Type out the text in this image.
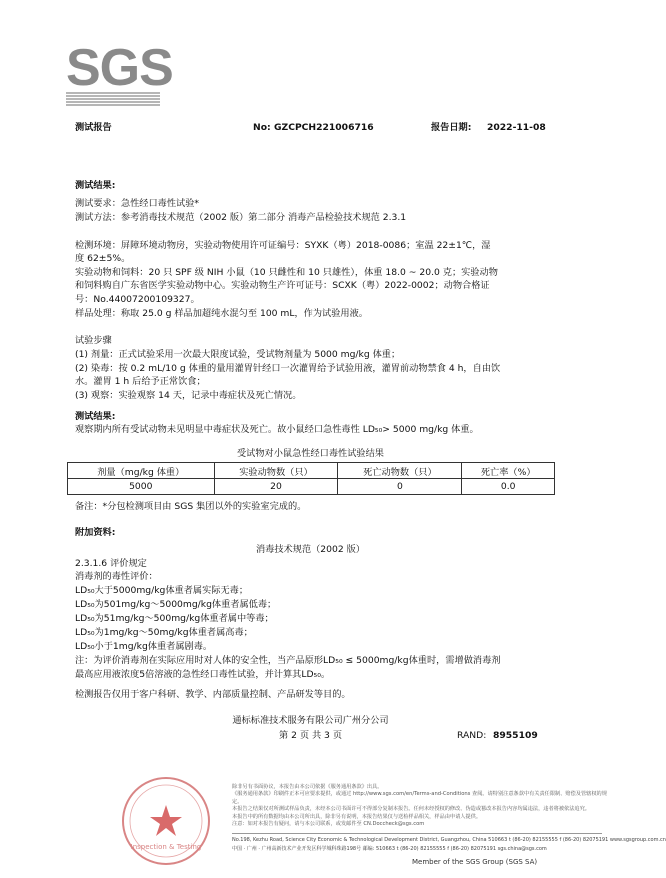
SGS
测试报告	No: GZCPCH221006716	报告日期: 2022-11-08
测试结果:
测试要求：急性经口毒性试验*
测试方法：参考消毒技术规范（2002 版）第二部分 消毒产品检验技术规范 2.3.1
检测环境：屏障环境动物房，实验动物使用许可证编号：SYXK（粤）2018-0086；室温 22±1℃，湿
度 62±5%。
实验动物和饲料：20 只 SPF 级 NIH 小鼠（10 只雌性和 10 只雄性），体重 18.0 ~ 20.0 克；实验动物
和饲料购自广东省医学实验动物中心。实验动物生产许可证号：SCXK（粤）2022-0002；动物合格证
号：No.44007200109327。
样品处理：称取 25.0 g 样品加超纯水混匀至 100 mL，作为试验用液。
试验步骤
(1) 剂量：正式试验采用一次最大限度试验，受试物剂量为 5000 mg/kg 体重；
(2) 染毒：按 0.2 mL/10 g 体重的量用灌胃针经口一次灌胃给予试验用液，灌胃前动物禁食 4 h，自由饮
水。灌胃 1 h 后给予正常饮食；
(3) 观察：实验观察 14 天，记录中毒症状及死亡情况。
测试结果:
观察期内所有受试动物未见明显中毒症状及死亡。故小鼠经口急性毒性 LD₅₀> 5000 mg/kg 体重。
受试物对小鼠急性经口毒性试验结果
剂量（mg/kg 体重）	实验动物数（只）	死亡动物数（只）	死亡率（%）
5000	20	0	0.0
备注：*分包检测项目由 SGS 集团以外的实验室完成的。
附加资料:
消毒技术规范（2002 版）
2.3.1.6 评价规定
消毒剂的毒性评价：
LD₅₀大于5000mg/kg体重者属实际无毒；
LD₅₀为501mg/kg～5000mg/kg体重者属低毒；
LD₅₀为51mg/kg～500mg/kg体重者属中等毒；
LD₅₀为1mg/kg～50mg/kg体重者属高毒；
LD₅₀小于1mg/kg体重者属剧毒。
注：为评价消毒剂在实际应用时对人体的安全性，当产品原形LD₅₀ ≤ 5000mg/kg体重时，需增做消毒剂
最高应用液浓度5倍溶液的急性经口毒性试验，并计算其LD₅₀。
检测报告仅用于客户科研、教学、内部质量控制、产品研发等目的。
通标标准技术服务有限公司广州分公司
第 2 页 共 3 页	RAND: 8955109
Inspection & Testing
除非另有书面协议，本报告由本公司依据《服务通用条款》出具。
《服务通用条款》印刷件正本可应要求提供，或通过 http://www.sgs.com/en/Terms-and-Conditions 查阅。请特别注意条款中有关责任限制、赔偿及管辖权的规定。
本报告之结果仅对所测试样品负责，未经本公司书面许可不得部分复制本报告。任何未经授权的修改、伪造或篡改本报告内容均属违法，违者将被依法追究。
本报告中的所有数据均由本公司所出具，除非另有说明，本报告结果仅与送检样品相关，样品由申请人提供。
注意：如对本报告有疑问，请与本公司联系，或发邮件至 CN.Doccheck@sgs.com
No.198, Kezhu Road, Science City Economic & Technological Development District, Guangzhou, China 510663 t (86-20) 82155555 f (86-20) 82075191 www.sgsgroup.com.cn
中国 · 广州 · 广州高新技术产业开发区科学城科珠路198号 邮编: 510663 t (86-20) 82155555 f (86-20) 82075191 sgs.china@sgs.com
Member of the SGS Group (SGS SA)
